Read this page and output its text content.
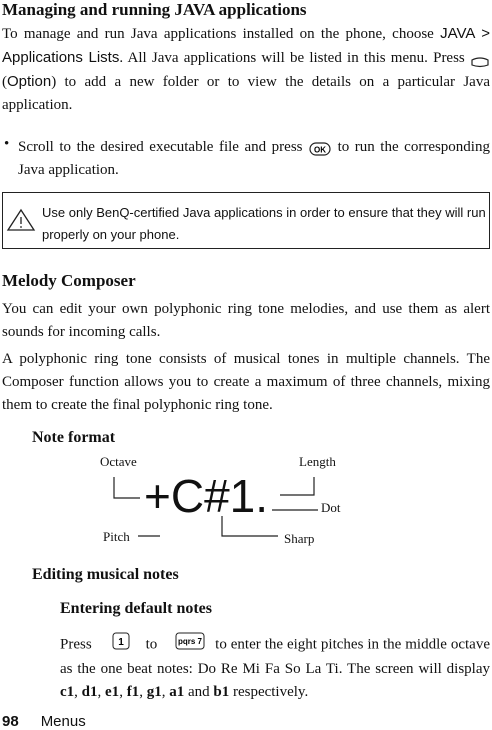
Managing and running JAVA applications
To manage and run Java applications installed on the phone, choose JAVA > Applications Lists. All Java applications will be listed in this menu. Press  (Option) to add a new folder or to view the details on a particular Java application.
• Scroll to the desired executable file and press OK to run the corresponding Java application.
Use only BenQ-certified Java applications in order to ensure that they will run properly on your phone.
Melody Composer
You can edit your own polyphonic ring tone melodies, and use them as alert sounds for incoming calls.
A polyphonic ring tone consists of musical tones in multiple channels. The Composer function allows you to create a maximum of three channels, mixing them to create the final polyphonic ring tone.
Note format
Octave	Length
Dot
Pitch	Sharp
+C#1.
Editing musical notes
Entering default notes
Press	1 to	pqrs 7 to enter the eight pitches in the middle octave as the one beat notes: Do Re Mi Fa So La Ti. The screen will display c1, d1, e1, f1, g1, a1 and b1 respectively.
98 Menus
